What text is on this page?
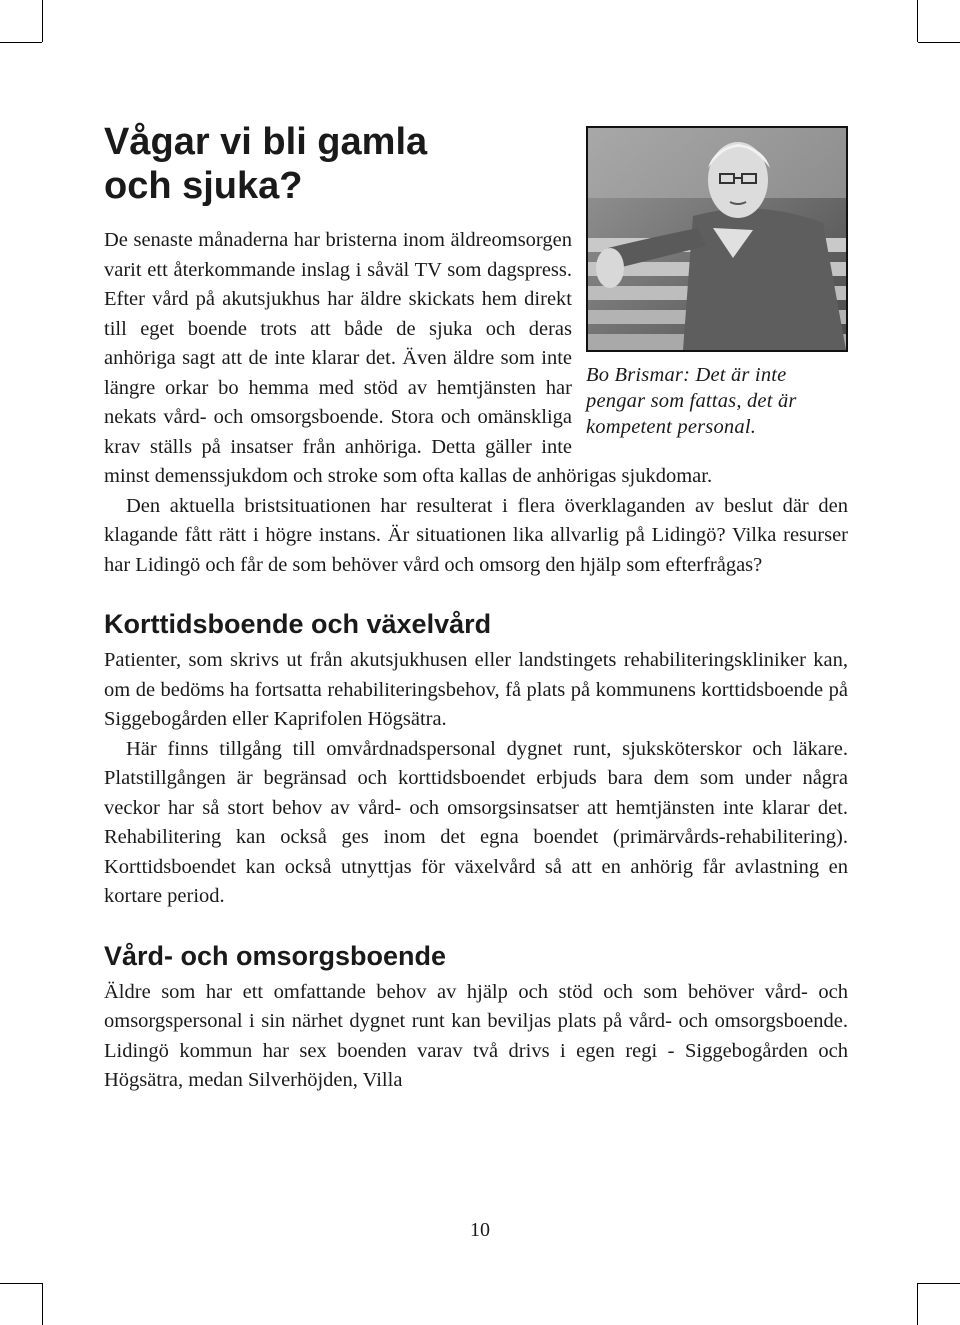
Vågar vi bli gamla
och sjuka?
Bo Brismar: Det är inte pengar som fattas, det är kompetent personal.

De senaste månaderna har bristerna inom äldreomsorgen varit ett återkommande inslag i såväl TV som dagspress. Efter vård på akutsjukhus har äldre skickats hem direkt till eget boende trots att både de sjuka och deras anhöriga sagt att de inte klarar det. Även äldre som inte längre orkar bo hemma med stöd av hemtjänsten har nekats vård- och omsorgsboende. Stora och omänskliga krav ställs på insatser från anhöriga. Detta gäller inte minst demenssjukdom och stroke som ofta kallas de anhörigas sjukdomar.

Den aktuella bristsituationen har resulterat i flera överklaganden av beslut där den klagande fått rätt i högre instans. Är situationen lika allvarlig på Lidingö? Vilka resurser har Lidingö och får de som behöver vård och omsorg den hjälp som efterfrågas?

Korttidsboende och växelvård

Patienter, som skrivs ut från akutsjukhusen eller landstingets rehabiliteringskliniker kan, om de bedöms ha fortsatta rehabiliteringsbehov, få plats på kommunens korttidsboende på Siggebogården eller Kaprifolen Högsätra.

Här finns tillgång till omvårdnadspersonal dygnet runt, sjuksköterskor och läkare. Platstillgången är begränsad och korttidsboendet erbjuds bara dem som under några veckor har så stort behov av vård- och omsorgsinsatser att hemtjänsten inte klarar det. Rehabilitering kan också ges inom det egna boendet (primärvårds-rehabilitering). Korttidsboendet kan också utnyttjas för växelvård så att en anhörig får avlastning en kortare period.

Vård- och omsorgsboende

Äldre som har ett omfattande behov av hjälp och stöd och som behöver vård- och omsorgspersonal i sin närhet dygnet runt kan beviljas plats på vård- och omsorgsboende. Lidingö kommun har sex boenden varav två drivs i egen regi - Siggebogården och Högsätra, medan Silverhöjden, Villa

10
